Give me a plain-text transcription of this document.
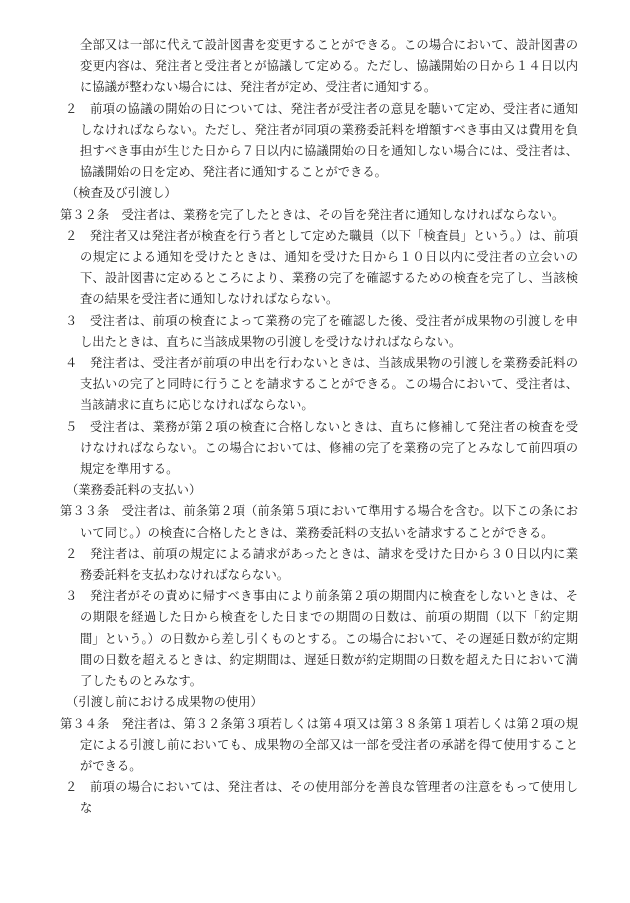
全部又は一部に代えて設計図書を変更することができる。この場合において、設計図書の変更内容は、発注者と受注者とが協議して定める。ただし、協議開始の日から１４日以内に協議が整わない場合には、発注者が定め、受注者に通知する。

２　前項の協議の開始の日については、発注者が受注者の意見を聴いて定め、受注者に通知しなければならない。ただし、発注者が同項の業務委託料を増額すべき事由又は費用を負担すべき事由が生じた日から７日以内に協議開始の日を通知しない場合には、受注者は、協議開始の日を定め、発注者に通知することができる。

（検査及び引渡し）

第３２条　受注者は、業務を完了したときは、その旨を発注者に通知しなければならない。

２　発注者又は発注者が検査を行う者として定めた職員（以下「検査員」という。）は、前項の規定による通知を受けたときは、通知を受けた日から１０日以内に受注者の立会いの下、設計図書に定めるところにより、業務の完了を確認するための検査を完了し、当該検査の結果を受注者に通知しなければならない。

３　受注者は、前項の検査によって業務の完了を確認した後、受注者が成果物の引渡しを申し出たときは、直ちに当該成果物の引渡しを受けなければならない。

４　発注者は、受注者が前項の申出を行わないときは、当該成果物の引渡しを業務委託料の支払いの完了と同時に行うことを請求することができる。この場合において、受注者は、当該請求に直ちに応じなければならない。

５　受注者は、業務が第２項の検査に合格しないときは、直ちに修補して発注者の検査を受けなければならない。この場合においては、修補の完了を業務の完了とみなして前四項の規定を準用する。

（業務委託料の支払い）

第３３条　受注者は、前条第２項（前条第５項において準用する場合を含む。以下この条において同じ。）の検査に合格したときは、業務委託料の支払いを請求することができる。

２　発注者は、前項の規定による請求があったときは、請求を受けた日から３０日以内に業務委託料を支払わなければならない。

３　発注者がその責めに帰すべき事由により前条第２項の期間内に検査をしないときは、その期限を経過した日から検査をした日までの期間の日数は、前項の期間（以下「約定期間」という。）の日数から差し引くものとする。この場合において、その遅延日数が約定期間の日数を超えるときは、約定期間は、遅延日数が約定期間の日数を超えた日において満了したものとみなす。

（引渡し前における成果物の使用）

第３４条　発注者は、第３２条第３項若しくは第４項又は第３８条第１項若しくは第２項の規定による引渡し前においても、成果物の全部又は一部を受注者の承諾を得て使用することができる。

２　前項の場合においては、発注者は、その使用部分を善良な管理者の注意をもって使用しな
